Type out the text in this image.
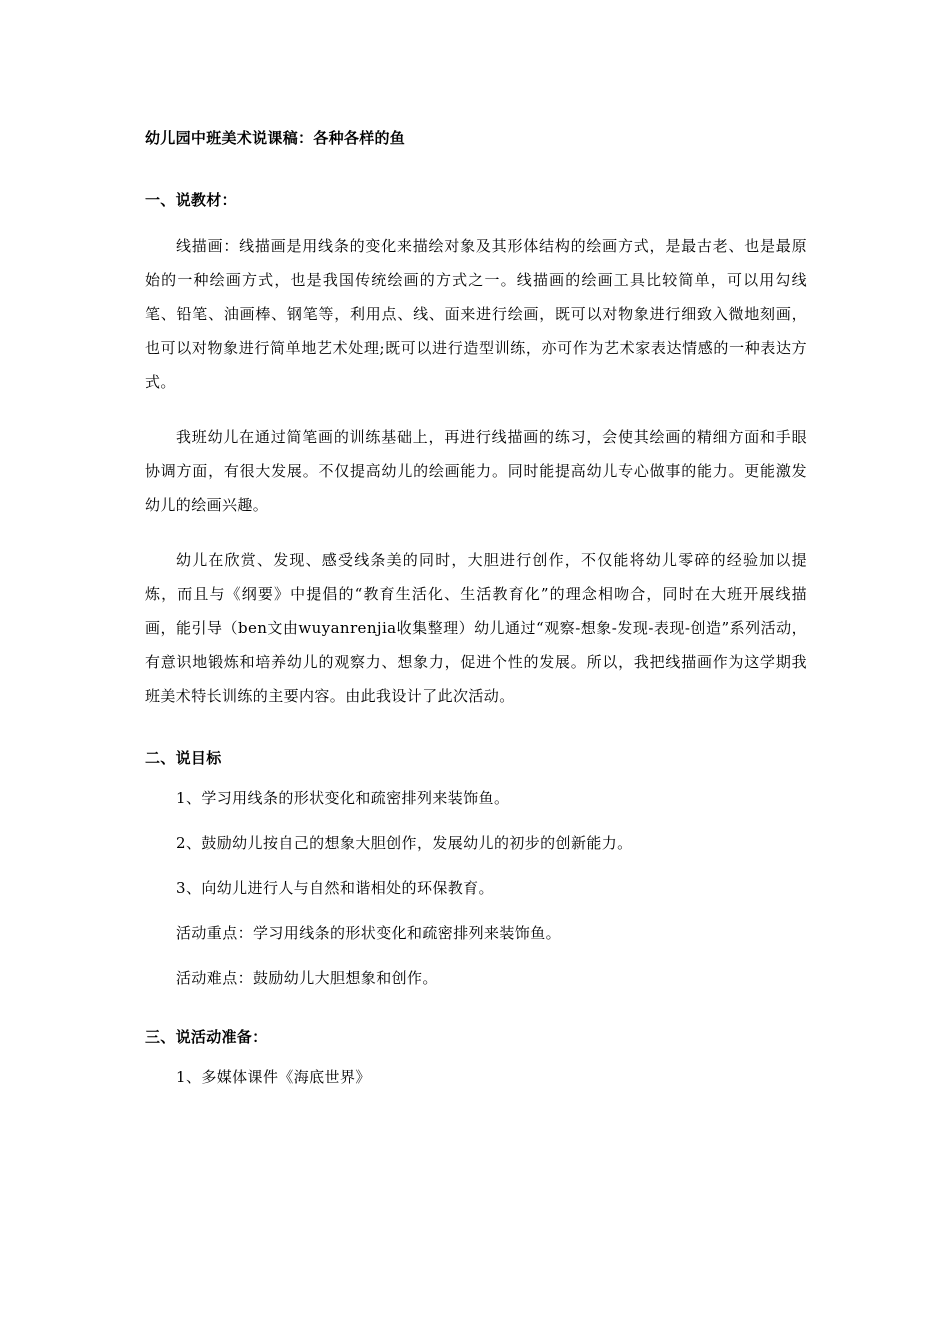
幼儿园中班美术说课稿：各种各样的鱼
一、说教材：

线描画：线描画是用线条的变化来描绘对象及其形体结构的绘画方式，是最古老、也是最原始的一种绘画方式，也是我国传统绘画的方式之一。线描画的绘画工具比较简单，可以用勾线笔、铅笔、油画棒、钢笔等，利用点、线、面来进行绘画，既可以对物象进行细致入微地刻画，也可以对物象进行简单地艺术处理;既可以进行造型训练，亦可作为艺术家表达情感的一种表达方式。

我班幼儿在通过简笔画的训练基础上，再进行线描画的练习，会使其绘画的精细方面和手眼协调方面，有很大发展。不仅提高幼儿的绘画能力。同时能提高幼儿专心做事的能力。更能激发幼儿的绘画兴趣。

幼儿在欣赏、发现、感受线条美的同时，大胆进行创作，不仅能将幼儿零碎的经验加以提炼，而且与《纲要》中提倡的“教育生活化、生活教育化”的理念相吻合，同时在大班开展线描画，能引导（ben文由wuyanrenjia收集整理）幼儿通过“观察-想象-发现-表现-创造”系列活动，有意识地锻炼和培养幼儿的观察力、想象力，促进个性的发展。所以，我把线描画作为这学期我班美术特长训练的主要内容。由此我设计了此次活动。

二、说目标
1、学习用线条的形状变化和疏密排列来装饰鱼。
2、鼓励幼儿按自己的想象大胆创作，发展幼儿的初步的创新能力。
3、向幼儿进行人与自然和谐相处的环保教育。
活动重点：学习用线条的形状变化和疏密排列来装饰鱼。
活动难点：鼓励幼儿大胆想象和创作。
三、说活动准备：
1、多媒体课件《海底世界》
